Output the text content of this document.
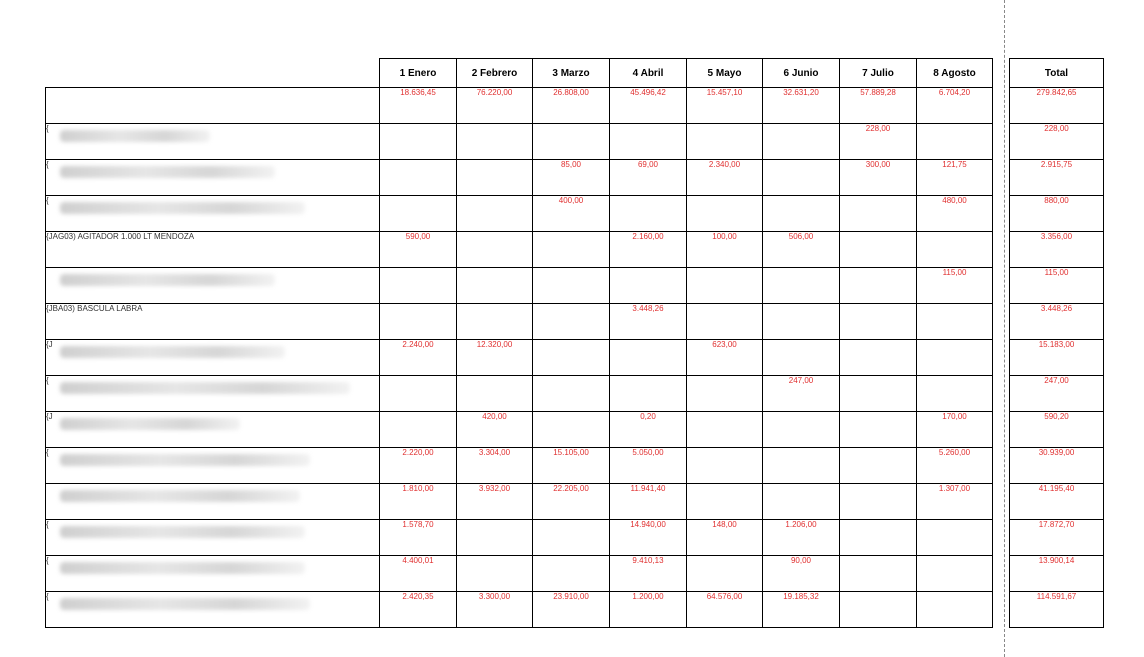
	1 Enero	2 Febrero	3 Marzo	4 Abril	5 Mayo	6 Junio	7 Julio	8 Agosto		Total
	18.636,45	76.220,00	26.808,00	45.496,42	15.457,10	32.631,20	57.889,28	6.704,20		279.842,65
{							228,00			228,00
{			85,00	69,00	2.340,00		300,00	121,75		2.915,75
{			400,00					480,00		880,00
{JAG03) AGITADOR 1.000 LT MENDOZA	590,00			2.160,00	100,00	506,00				3.356,00

								115,00		115,00
{JBA03) BASCULA LABRA				3.448,26						3.448,26
{J	2.240,00	12.320,00			623,00					15.183,00
{						247,00				247,00
{J		420,00		0,20				170,00		590,20
{	2.220,00	3.304,00	15.105,00	5.050,00				5.260,00		30.939,00

	1.810,00	3.932,00	22.205,00	11.941,40				1.307,00		41.195,40
{	1.578,70			14.940,00	148,00	1.206,00				17.872,70
{	4.400,01			9.410,13		90,00				13.900,14
{	2.420,35	3.300,00	23.910,00	1.200,00	64.576,00	19.185,32				114.591,67
